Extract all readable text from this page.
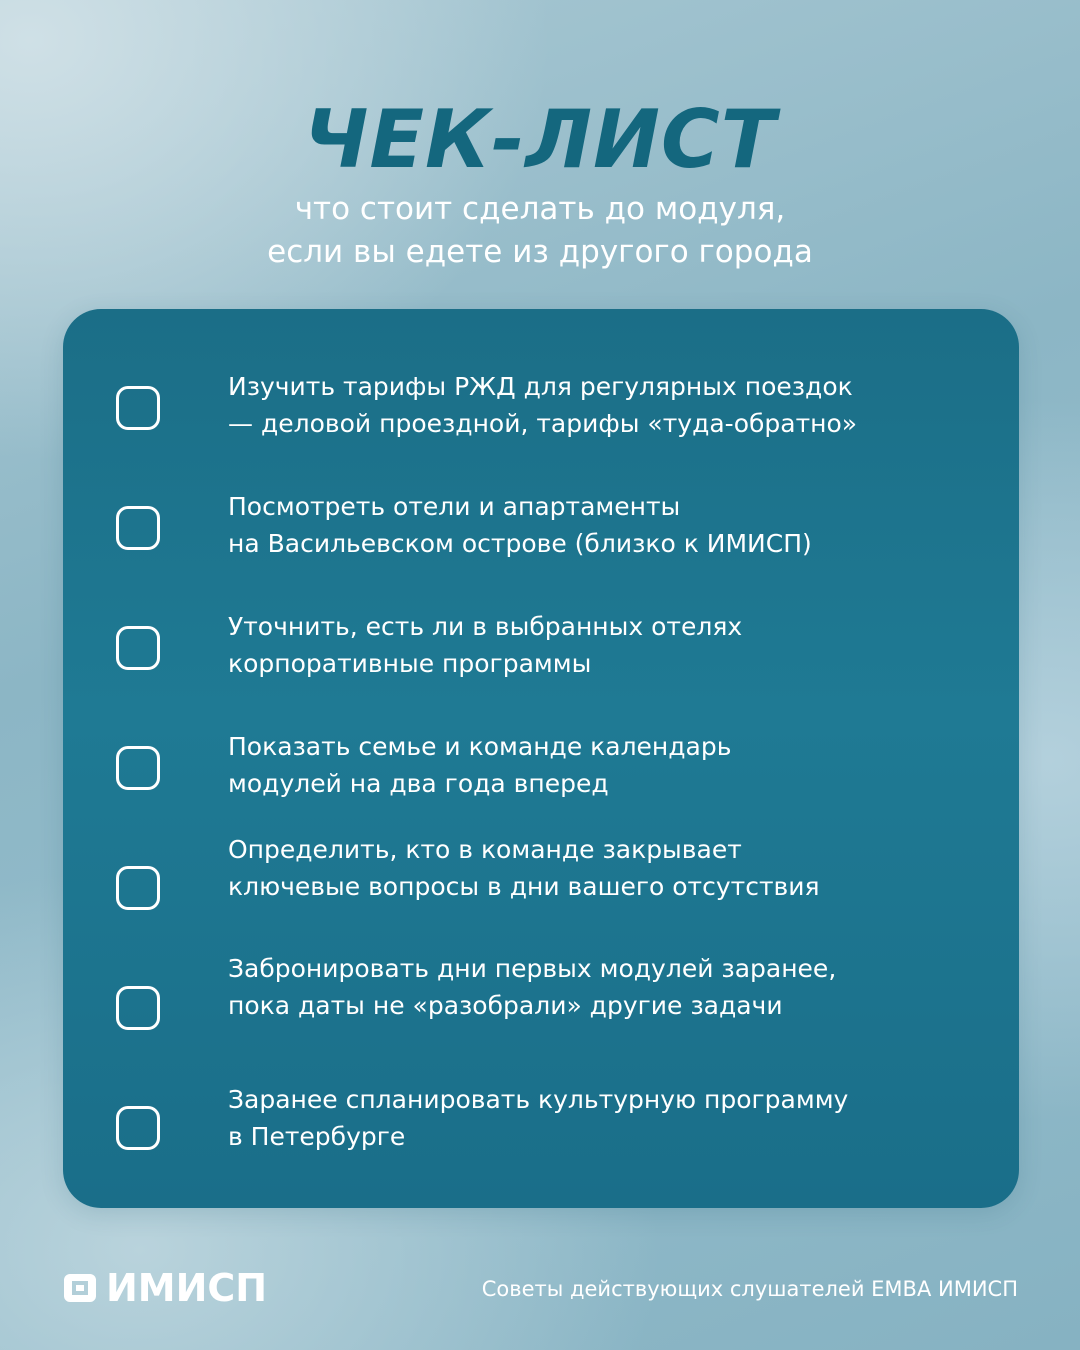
ЧЕК-ЛИСТ
что стоит сделать до модуля,
если вы едете из другого города
Изучить тарифы РЖД для регулярных поездок
— деловой проездной, тарифы «туда-обратно»
Посмотреть отели и апартаменты
на Васильевском острове (близко к ИМИСП)
Уточнить, есть ли в выбранных отелях
корпоративные программы
Показать семье и команде календарь
модулей на два года вперед
Определить, кто в команде закрывает
ключевые вопросы в дни вашего отсутствия
Забронировать дни первых модулей заранее,
пока даты не «разобрали» другие задачи
Заранее спланировать культурную программу
в Петербурге
ИМИСП	Советы действующих слушателей EMBA ИМИСП
